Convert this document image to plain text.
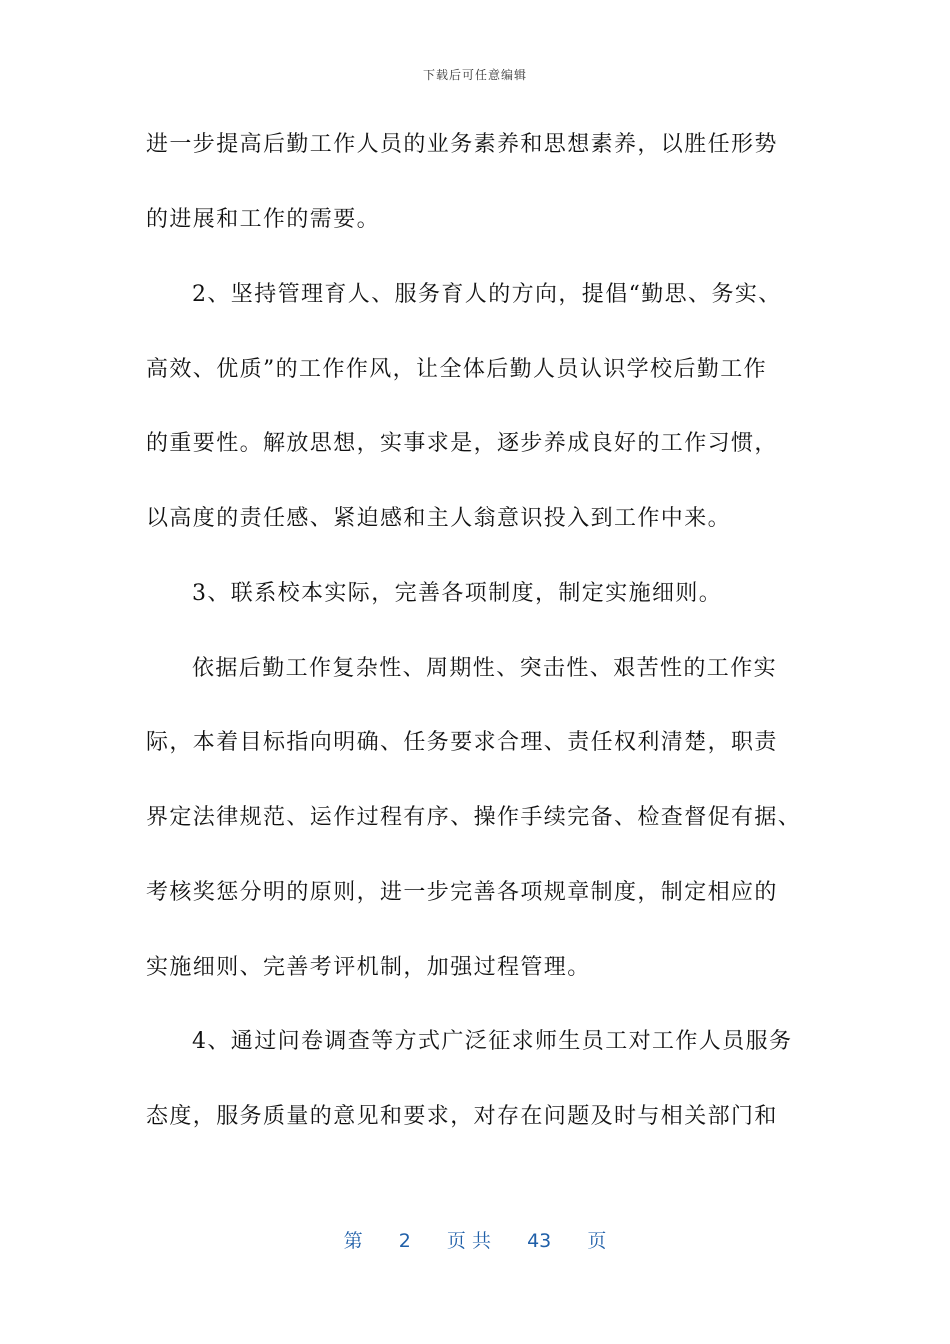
下载后可任意编辑
进一步提高后勤工作人员的业务素养和思想素养，以胜任形势
的进展和工作的需要。
2、坚持管理育人、服务育人的方向，提倡“勤思、务实、
高效、优质”的工作作风，让全体后勤人员认识学校后勤工作
的重要性。解放思想，实事求是，逐步养成良好的工作习惯，
以高度的责任感、紧迫感和主人翁意识投入到工作中来。
3、联系校本实际，完善各项制度，制定实施细则。
依据后勤工作复杂性、周期性、突击性、艰苦性的工作实
际，本着目标指向明确、任务要求合理、责任权利清楚，职责
界定法律规范、运作过程有序、操作手续完备、检查督促有据、
考核奖惩分明的原则，进一步完善各项规章制度，制定相应的
实施细则、完善考评机制，加强过程管理。
4、通过问卷调查等方式广泛征求师生员工对工作人员服务
态度，服务质量的意见和要求，对存在问题及时与相关部门和
第 2 页 共 43 页
